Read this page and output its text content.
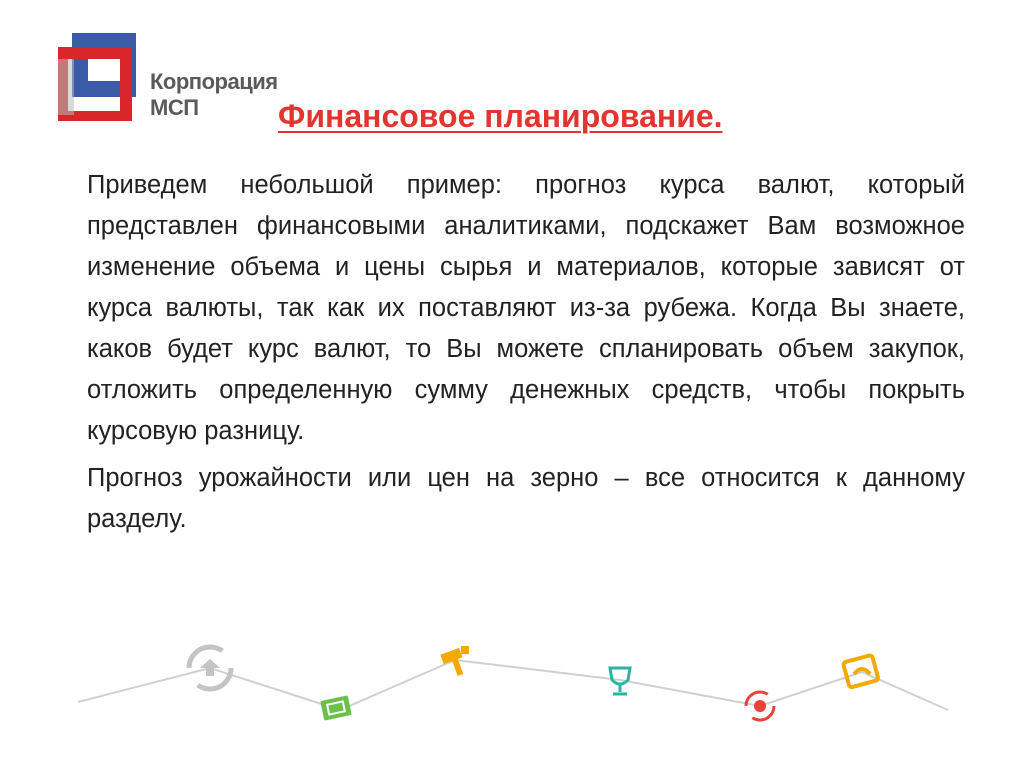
Корпорация
МСП	Финансовое планирование.

Приведем небольшой пример: прогноз курса валют, который представлен финансовыми аналитиками, подскажет Вам возможное изменение объема и цены сырья и материалов, которые зависят от курса валюты, так как их поставляют из-за рубежа. Когда Вы знаете, каков будет курс валют, то Вы можете спланировать объем закупок, отложить определенную сумму денежных средств, чтобы покрыть курсовую разницу.

Прогноз урожайности или цен на зерно – все относится к данному разделу.
